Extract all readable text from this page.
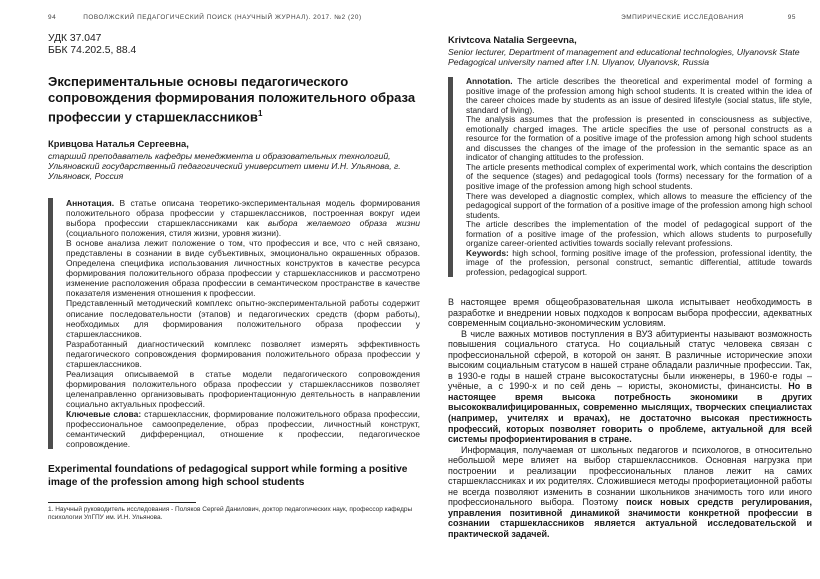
94	ПОВОЛЖСКИЙ ПЕДАГОГИЧЕСКИЙ ПОИСК (НАУЧНЫЙ ЖУРНАЛ). 2017. №2 (20)
УДК 37.047
ББК 74.202.5, 88.4
Экспериментальные основы педагогического сопровождения формирования положительного образа профессии у старшеклассников$^1$

Кривцова Наталья Сергеевна,

старший преподаватель кафедры менеджмента и образовательных технологий, Ульяновский государственный педагогический университет имени И.Н. Ульянова, г. Ульяновск, Россия

Аннотация. В статье описана теоретико-экспериментальная модель формирования положительного образа профессии у старшеклассников, построенная вокруг идеи выбора профессии старшеклассниками как выбора желаемого образа жизни (социального положения, стиля жизни, уровня жизни).

В основе анализа лежит положение о том, что профессия и все, что с ней связано, представлены в сознании в виде субъективных, эмоционально окрашенных образов. Определена специфика использования личностных конструктов в качестве ресурса формирования положительного образа профессии у старшеклассников и рассмотрено изменение расположения образа профессии в семантическом пространстве в качестве показателя изменения отношения к профессии.

Представленный методический комплекс опытно-экспериментальной работы содержит описание последовательности (этапов) и педагогических средств (форм работы), необходимых для формирования положительного образа профессии у старшеклассников.

Разработанный диагностический комплекс позволяет измерять эффективность педагогического сопровождения формирования положительного образа профессии у старшеклассников.

Реализация описываемой в статье модели педагогического сопровождения формирования положительного образа профессии у старшеклассников позволяет целенаправленно организовывать профориентационную деятельность в направлении социально актуальных профессий.

Ключевые слова: старшеклассник, формирование положительного образа профессии, профессиональное самоопределение, образ профессии, личностный конструкт, семантический дифференциал, отношение к профессии, педагогическое сопровождение.

Experimental foundations of pedagogical support while forming a positive image of the profession among high school students

1. Научный руководитель исследования - Поляков Сергей Данилович, доктор педагогических наук, профессор кафедры психологии УлГПУ им. И.Н. Ульянова.

ЭМПИРИЧЕСКИЕ ИССЛЕДОВАНИЯ	95

Krivtcova Natalia Sergeevna,

Senior lecturer, Department of management and educational technologies, Ulyanovsk State Pedagogical university named after I.N. Ulyanov, Ulyanovsk, Russia

Annotation. The article describes the theoretical and experimental model of forming a positive image of the profession among high school students. It is created within the idea of the career choices made by students as an issue of desired lifestyle (social status, life style, standard of living).

The analysis assumes that the profession is presented in consciousness as subjective, emotionally charged images. The article specifies the use of personal constructs as a resource for the formation of a positive image of the profession among high school students and discusses the changes of the image of the profession in the semantic space as an indicator of changing attitudes to the profession.

The article presents methodical complex of experimental work, which contains the description of the sequence (stages) and pedagogical tools (forms) necessary for the formation of a positive image of the profession among high school students.

There was developed a diagnostic complex, which allows to measure the efficiency of the pedagogical support of the formation of a positive image of the profession among high school students.

The article describes the implementation of the model of pedagogical support of the formation of a positive image of the profession, which allows students to purposefully organize career-oriented activities towards socially relevant professions.

Keywords: high school, forming positive image of the profession, professional identity, the image of the profession, personal construct, semantic differential, attitude towards profession, pedagogical support.

В настоящее время общеобразовательная школа испытывает необходимость в разработке и внедрении новых подходов к вопросам выбора профессии, адекватных современным социально-экономическим условиям.

В числе важных мотивов поступления в ВУЗ абитуриенты называют возможность повышения социального статуса. Но социальный статус человека связан с профессиональной сферой, в которой он занят. В различные исторические эпохи высоким социальным статусом в нашей стране обладали различные профессии. Так, в 1930-е годы в нашей стране высокостатусны были инженеры, в 1960-е годы – учёные, а с 1990-х и по сей день – юристы, экономисты, финансисты. Но в настоящее время высока потребность экономики в других высококвалифицированных, современно мыслящих, творческих специалистах (например, учителях и врачах), не достаточно высокая престижность профессий, которых позволяет говорить о проблеме, актуальной для всей системы профориентирования в стране.

Информация, получаемая от школьных педагогов и психологов, в относительно небольшой мере влияет на выбор старшеклассников. Основная нагрузка при построении и реализации профессиональных планов лежит на самих старшеклассниках и их родителях. Сложившиеся методы профориетационной работы не всегда позволяют изменить в сознании школьников значимость того или иного профессионального выбора. Поэтому поиск новых средств регулирования, управления позитивной динамикой значимости конкретной профессии в сознании старшеклассников является актуальной исследовательской и практической задачей.
